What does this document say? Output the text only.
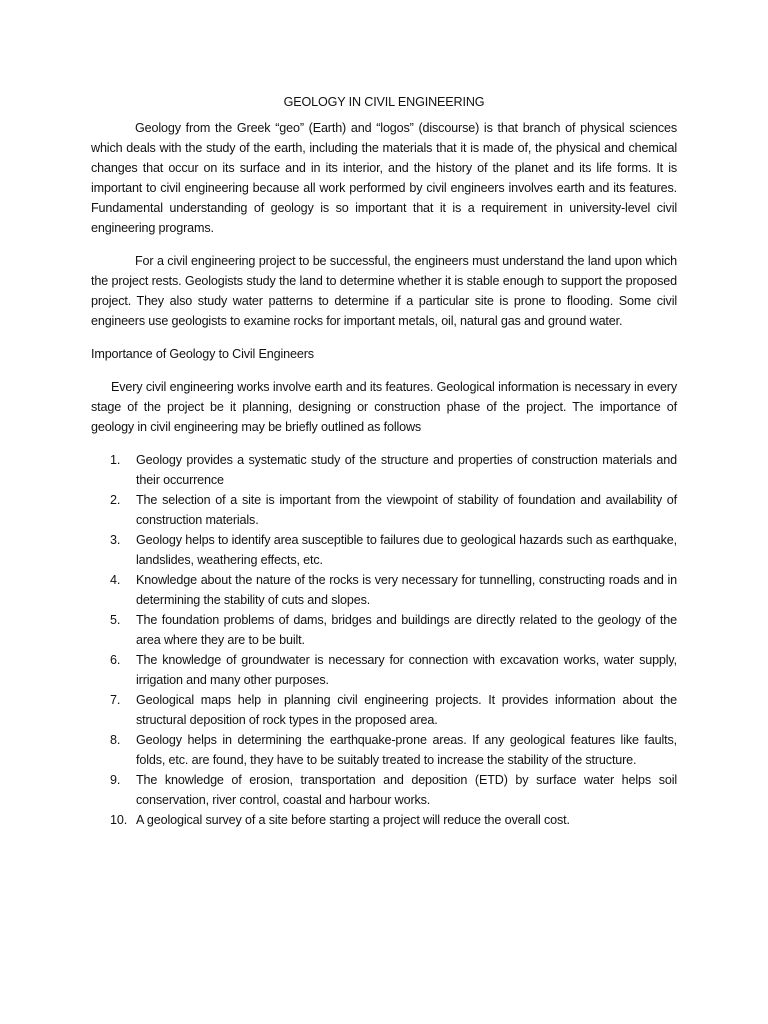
GEOLOGY IN CIVIL ENGINEERING

Geology from the Greek “geo” (Earth) and “logos” (discourse) is that branch of physical sciences which deals with the study of the earth, including the materials that it is made of, the physical and chemical changes that occur on its surface and in its interior, and the history of the planet and its life forms. It is important to civil engineering because all work performed by civil engineers involves earth and its features. Fundamental understanding of geology is so important that it is a requirement in university-level civil engineering programs.

For a civil engineering project to be successful, the engineers must understand the land upon which the project rests. Geologists study the land to determine whether it is stable enough to support the proposed project. They also study water patterns to determine if a particular site is prone to flooding. Some civil engineers use geologists to examine rocks for important metals, oil, natural gas and ground water.

Importance of Geology to Civil Engineers

Every civil engineering works involve earth and its features. Geological information is necessary in every stage of the project be it planning, designing or construction phase of the project. The importance of geology in civil engineering may be briefly outlined as follows

1. Geology provides a systematic study of the structure and properties of construction materials and their occurrence
2. The selection of a site is important from the viewpoint of stability of foundation and availability of construction materials.
3. Geology helps to identify area susceptible to failures due to geological hazards such as earthquake, landslides, weathering effects, etc.
4. Knowledge about the nature of the rocks is very necessary for tunnelling, constructing roads and in determining the stability of cuts and slopes.
5. The foundation problems of dams, bridges and buildings are directly related to the geology of the area where they are to be built.
6. The knowledge of groundwater is necessary for connection with excavation works, water supply, irrigation and many other purposes.
7. Geological maps help in planning civil engineering projects. It provides information about the structural deposition of rock types in the proposed area.
8. Geology helps in determining the earthquake-prone areas. If any geological features like faults, folds, etc. are found, they have to be suitably treated to increase the stability of the structure.
9. The knowledge of erosion, transportation and deposition (ETD) by surface water helps soil conservation, river control, coastal and harbour works.
10. A geological survey of a site before starting a project will reduce the overall cost.
